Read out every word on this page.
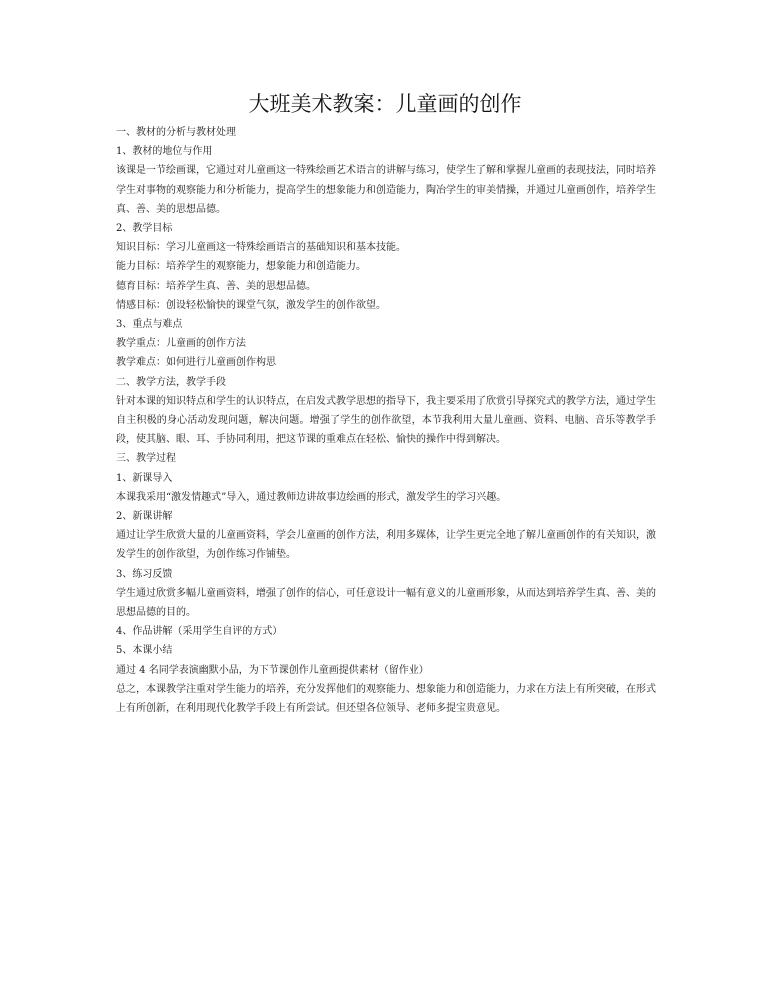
大班美术教案：儿童画的创作
一、教材的分析与教材处理
1、教材的地位与作用
该课是一节绘画课，它通过对儿童画这一特殊绘画艺术语言的讲解与练习，使学生了解和掌握儿童画的表现技法，同时培养学生对事物的观察能力和分析能力，提高学生的想象能力和创造能力，陶冶学生的审美情操，并通过儿童画创作，培养学生真、善、美的思想品德。
2、教学目标
知识目标：学习儿童画这一特殊绘画语言的基础知识和基本技能。
能力目标：培养学生的观察能力，想象能力和创造能力。
德育目标：培养学生真、善、美的思想品德。
情感目标：创设轻松愉快的课堂气氛，激发学生的创作欲望。
3、重点与难点
教学重点：儿童画的创作方法
教学难点：如何进行儿童画创作构思
二、教学方法，教学手段
针对本课的知识特点和学生的认识特点，在启发式教学思想的指导下，我主要采用了欣赏引导探究式的教学方法，通过学生自主积极的身心活动发现问题，解决问题。增强了学生的创作欲望，本节我利用大量儿童画、资料、电脑、音乐等教学手段，使其脑、眼、耳、手协同利用，把这节课的重难点在轻松、愉快的操作中得到解决。
三、教学过程
1、新课导入
本课我采用“激发情趣式”导入，通过教师边讲故事边绘画的形式，激发学生的学习兴趣。
2、新课讲解
通过让学生欣赏大量的儿童画资料，学会儿童画的创作方法，利用多媒体，让学生更完全地了解儿童画创作的有关知识，激发学生的创作欲望，为创作练习作铺垫。
3、练习反馈
学生通过欣赏多幅儿童画资料，增强了创作的信心，可任意设计一幅有意义的儿童画形象，从而达到培养学生真、善、美的思想品德的目的。
4、作品讲解（采用学生自评的方式）
5、本课小结
通过 4 名同学表演幽默小品，为下节课创作儿童画提供素材（留作业）
总之，本课教学注重对学生能力的培养，充分发挥他们的观察能力、想象能力和创造能力，力求在方法上有所突破，在形式上有所创新，在利用现代化教学手段上有所尝试。但还望各位领导、老师多提宝贵意见。
